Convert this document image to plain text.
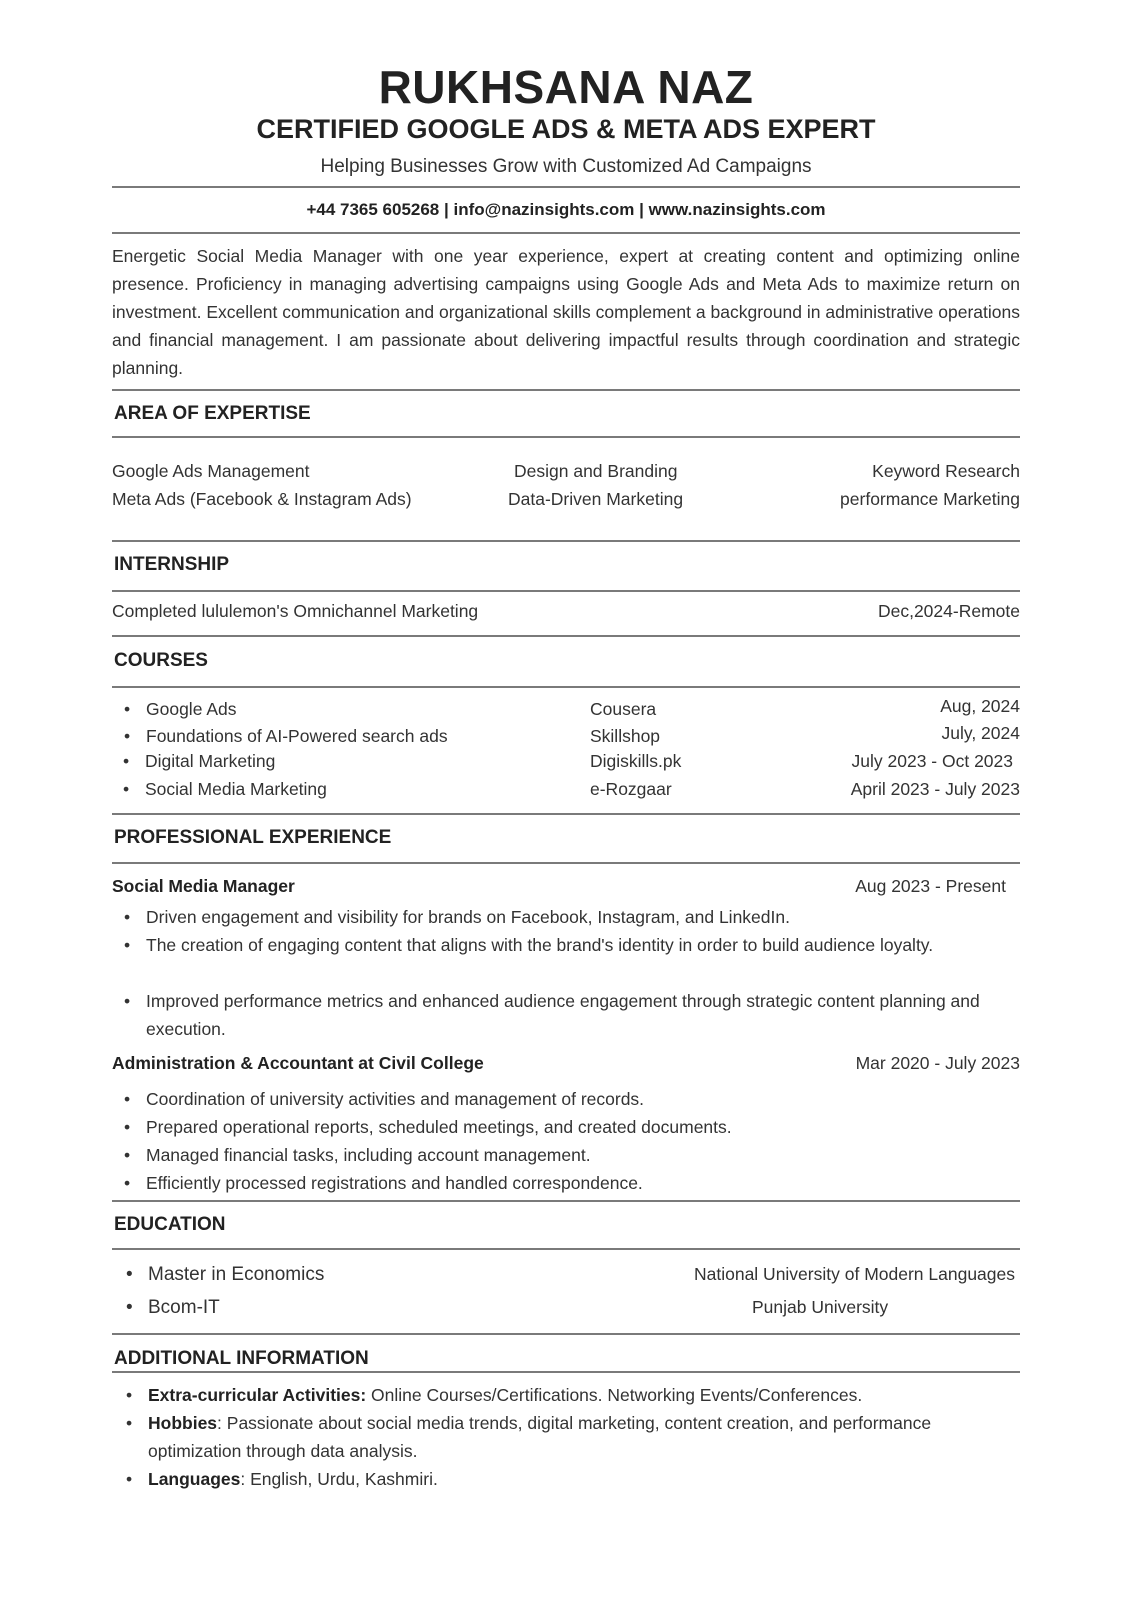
RUKHSANA NAZ
CERTIFIED GOOGLE ADS & META ADS EXPERT
Helping Businesses Grow with Customized Ad Campaigns
+44 7365 605268 | info@nazinsights.com | www.nazinsights.com
Energetic Social Media Manager with one year experience, expert at creating content and optimizing online presence. Proficiency in managing advertising campaigns using Google Ads and Meta Ads to maximize return on investment. Excellent communication and organizational skills complement a background in administrative operations and financial management. I am passionate about delivering impactful results through coordination and strategic planning.
AREA OF EXPERTISE
Google Ads Management	Design and Branding	Keyword Research
Meta Ads (Facebook & Instagram Ads)	Data-Driven Marketing	performance Marketing
INTERNSHIP
Completed lululemon's Omnichannel Marketing	Dec,2024-Remote
COURSES
• Google Ads	Cousera	Aug, 2024
• Foundations of AI-Powered search ads	Skillshop	July, 2024
• Digital Marketing	Digiskills.pk	July 2023 - Oct 2023
• Social Media Marketing	e-Rozgaar	April 2023 - July 2023
PROFESSIONAL EXPERIENCE
Social Media Manager	Aug 2023 - Present
• Driven engagement and visibility for brands on Facebook, Instagram, and LinkedIn.
• The creation of engaging content that aligns with the brand's identity in order to build audience loyalty.
• Improved performance metrics and enhanced audience engagement through strategic content planning and execution.
Administration & Accountant at Civil College	Mar 2020 - July 2023
• Coordination of university activities and management of records.
• Prepared operational reports, scheduled meetings, and created documents.
• Managed financial tasks, including account management.
• Efficiently processed registrations and handled correspondence.
EDUCATION
• Master in Economics	National University of Modern Languages
• Bcom-IT	Punjab University
ADDITIONAL INFORMATION
• Extra-curricular Activities: Online Courses/Certifications. Networking Events/Conferences.
• Hobbies: Passionate about social media trends, digital marketing, content creation, and performance optimization through data analysis.
• Languages: English, Urdu, Kashmiri.
